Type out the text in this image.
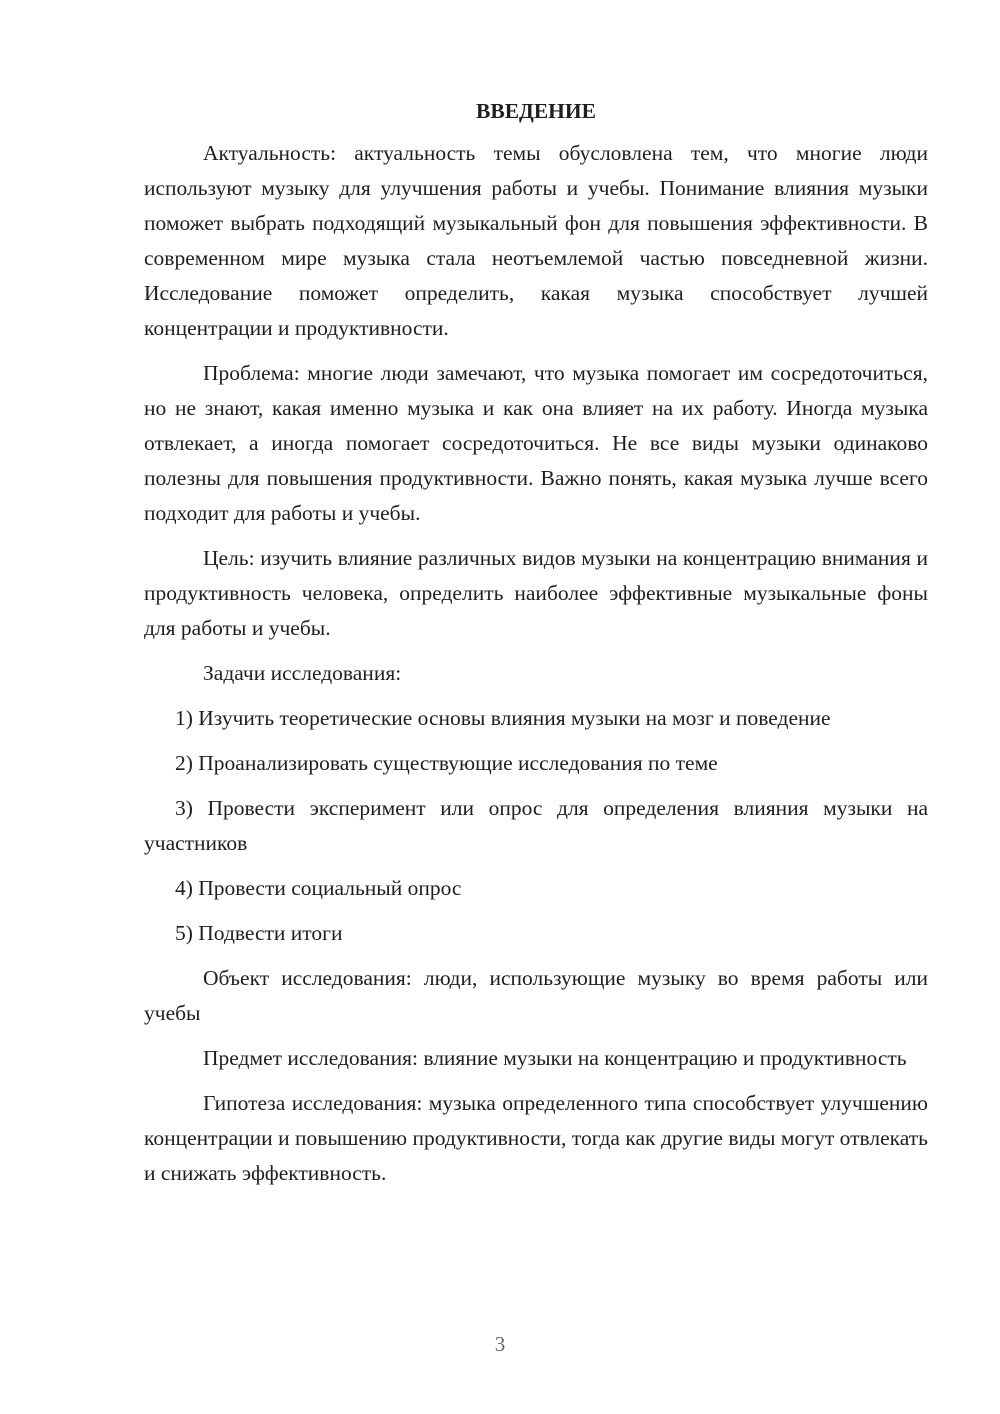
ВВЕДЕНИЕ

Актуальность: актуальность темы обусловлена тем, что многие люди используют музыку для улучшения работы и учебы. Понимание влияния музыки поможет выбрать подходящий музыкальный фон для повышения эффективности. В современном мире музыка стала неотъемлемой частью повседневной жизни. Исследование поможет определить, какая музыка способствует лучшей концентрации и продуктивности.

Проблема: многие люди замечают, что музыка помогает им сосредоточиться, но не знают, какая именно музыка и как она влияет на их работу. Иногда музыка отвлекает, а иногда помогает сосредоточиться. Не все виды музыки одинаково полезны для повышения продуктивности. Важно понять, какая музыка лучше всего подходит для работы и учебы.

Цель: изучить влияние различных видов музыки на концентрацию внимания и продуктивность человека, определить наиболее эффективные музыкальные фоны для работы и учебы.

Задачи исследования:

1) Изучить теоретические основы влияния музыки на мозг и поведение

2) Проанализировать существующие исследования по теме

3) Провести эксперимент или опрос для определения влияния музыки на участников

4) Провести социальный опрос

5) Подвести итоги

Объект исследования: люди, использующие музыку во время работы или учебы

Предмет исследования: влияние музыки на концентрацию и продуктивность

Гипотеза исследования: музыка определенного типа способствует улучшению концентрации и повышению продуктивности, тогда как другие виды могут отвлекать и снижать эффективность.

3
